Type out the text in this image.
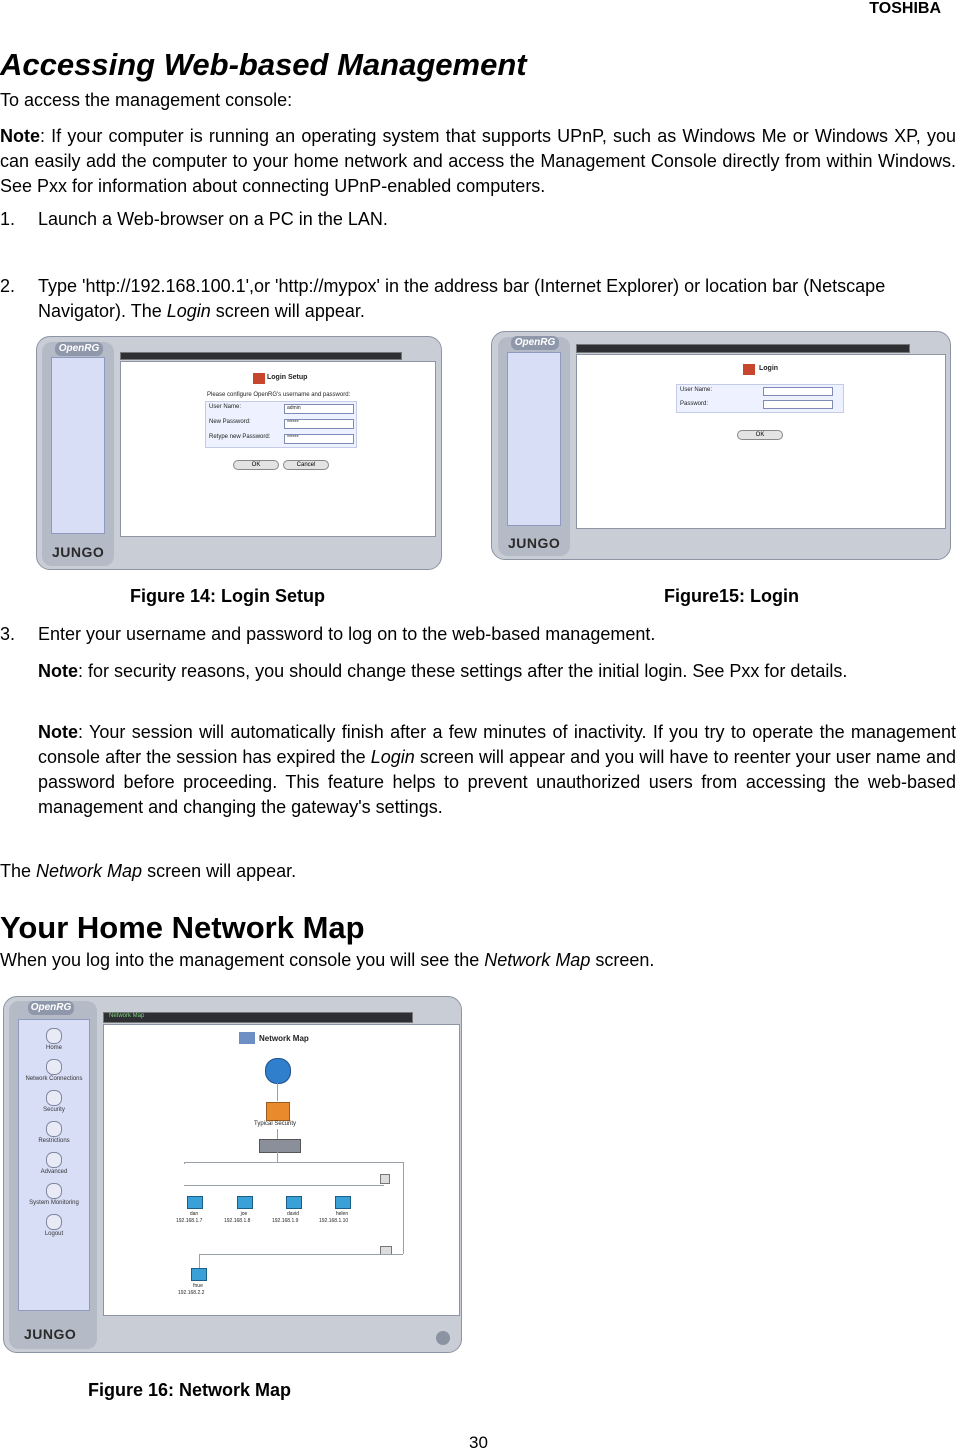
TOSHIBA
Accessing Web-based Management
To access the management console:
Note: If your computer is running an operating system that supports UPnP, such as Windows Me or Windows XP, you can easily add the computer to your home network and access the Management Console directly from within Windows. See Pxx for information about connecting UPnP-enabled computers.
1. Launch a Web-browser on a PC in the LAN.
2. Type 'http://192.168.100.1',or 'http://mypox' in the address bar (Internet Explorer) or location bar (Netscape Navigator). The Login screen will appear.
OpenRG
JUNGO
Login Setup
Please configure OpenRG's username and password:
User Name:	admin
New Password:	******
Retype new Password:	******
OK	Cancel
OpenRG
JUNGO
Login
User Name:
Password:
OK
Figure 14: Login Setup	Figure15: Login
3. Enter your username and password to log on to the web-based management.
Note: for security reasons, you should change these settings after the initial login. See Pxx for details.
Note: Your session will automatically finish after a few minutes of inactivity. If you try to operate the management console after the session has expired the Login screen will appear and you will have to reenter your user name and password before proceeding. This feature helps to prevent unauthorized users from accessing the web-based management and changing the gateway's settings.
The Network Map screen will appear.
Your Home Network Map
When you log into the management console you will see the Network Map screen.
OpenRG
Home
Network Connections
Security
Restrictions
Advanced
System Monitoring
Logout
JUNGO
Network Map
Network Map
Typical Security
dan
192.168.1.7
joe
192.168.1.8
david
192.168.1.9
helen
192.168.1.10
fnue
192.168.2.2
Figure 16: Network Map
30
